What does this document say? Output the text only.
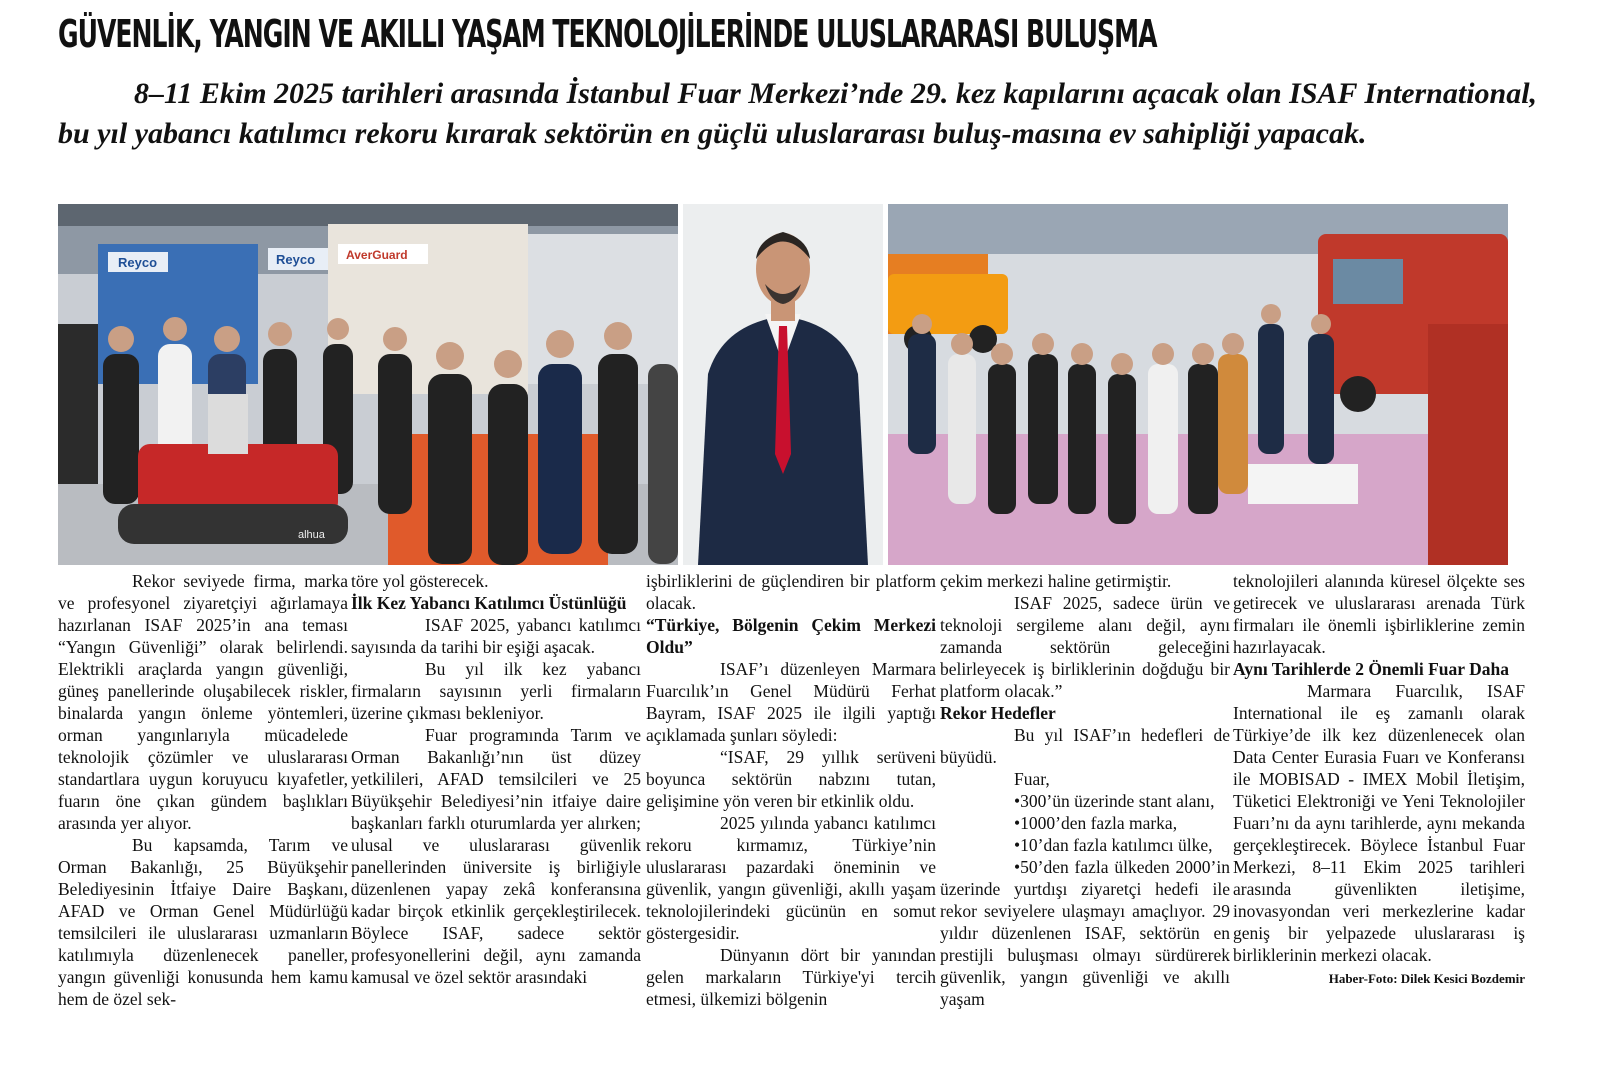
GÜVENLİK, YANGIN VE AKILLI YAŞAM TEKNOLOJİLERİNDE ULUSLARARASI BULUŞMA
8–11 Ekim 2025 tarihleri arasında İstanbul Fuar Merkezi’nde 29. kez kapılarını açacak olan ISAF International, bu yıl yabancı katılımcı rekoru kırarak sektörün en güçlü uluslararası buluş-masına ev sahipliği yapacak.
Reyco	Reyco	AverGuard
alhua

Rekor seviyede firma, marka ve profesyonel ziyaretçiyi ağırlamaya hazırlanan ISAF 2025’in ana teması “Yangın Güvenliği” olarak belirlendi. Elektrikli araçlarda yangın güvenliği, güneş panellerinde oluşabilecek riskler, binalarda yangın önleme yöntemleri, orman yangınlarıyla mücadelede teknolojik çözümler ve uluslararası standartlara uygun koruyucu kıyafetler, fuarın öne çıkan gündem başlıkları arasında yer alıyor.

Bu kapsamda, Tarım ve Orman Bakanlığı, 25 Büyükşehir Belediyesinin İtfaiye Daire Başkanı, AFAD ve Orman Genel Müdürlüğü temsilcileri ile uluslararası uzmanların katılımıyla düzenlenecek paneller, yangın güvenliği konusunda hem kamu hem de özel sek-

töre yol gösterecek.

İlk Kez Yabancı Katılımcı Üstünlüğü

ISAF 2025, yabancı katılımcı sayısında da tarihi bir eşiği aşacak.

Bu yıl ilk kez yabancı firmaların sayısının yerli firmaların üzerine çıkması bekleniyor.

Fuar programında Tarım ve Orman Bakanlığı’nın üst düzey yetkilileri, AFAD temsilcileri ve 25 Büyükşehir Belediyesi’nin itfaiye daire başkanları farklı oturumlarda yer alırken; ulusal ve uluslararası güvenlik panellerinden üniversite iş birliğiyle düzenlenen yapay zekâ konferansına kadar birçok etkinlik gerçekleştirilecek. Böylece ISAF, sadece sektör profesyonellerini değil, aynı zamanda kamusal ve özel sektör arasındaki

işbirliklerini de güçlendiren bir platform olacak.

“Türkiye, Bölgenin Çekim Merkezi Oldu”

ISAF’ı düzenleyen Marmara Fuarcılık’ın Genel Müdürü Ferhat Bayram, ISAF 2025 ile ilgili yaptığı açıklamada şunları söyledi:

“ISAF, 29 yıllık serüveni boyunca sektörün nabzını tutan, gelişimine yön veren bir etkinlik oldu.

2025 yılında yabancı katılımcı rekoru kırmamız, Türkiye’nin uluslararası pazardaki öneminin ve güvenlik, yangın güvenliği, akıllı yaşam teknolojilerindeki gücünün en somut göstergesidir.

Dünyanın dört bir yanından gelen markaların Türkiye'yi tercih etmesi, ülkemizi bölgenin

çekim merkezi haline getirmiştir.

ISAF 2025, sadece ürün ve teknoloji sergileme alanı değil, aynı zamanda sektörün geleceğini belirleyecek iş birliklerinin doğduğu bir platform olacak.”

Rekor Hedefler

Bu yıl ISAF’ın hedefleri de büyüdü.

Fuar,

•300’ün üzerinde stant alanı,

•1000’den fazla marka,

•10’dan fazla katılımcı ülke,

•50’den fazla ülkeden 2000’in üzerinde yurtdışı ziyaretçi hedefi ile rekor seviyelere ulaşmayı amaçlıyor. 29 yıldır düzenlenen ISAF, sektörün en prestijli buluşması olmayı sürdürerek güvenlik, yangın güvenliği ve akıllı yaşam

teknolojileri alanında küresel ölçekte ses getirecek ve uluslararası arenada Türk firmaları ile önemli işbirliklerine zemin hazırlayacak.

Aynı Tarihlerde 2 Önemli Fuar Daha

Marmara Fuarcılık, ISAF International ile eş zamanlı olarak Türkiye’de ilk kez düzenlenecek olan Data Center Eurasia Fuarı ve Konferansı ile MOBISAD - IMEX Mobil İletişim, Tüketici Elektroniği ve Yeni Teknolojiler Fuarı’nı da aynı tarihlerde, aynı mekanda gerçekleştirecek. Böylece İstanbul Fuar Merkezi, 8–11 Ekim 2025 tarihleri arasında güvenlikten iletişime, inovasyondan veri merkezlerine kadar geniş bir yelpazede uluslararası iş birliklerinin merkezi olacak.

Haber-Foto: Dilek Kesici Bozdemir
